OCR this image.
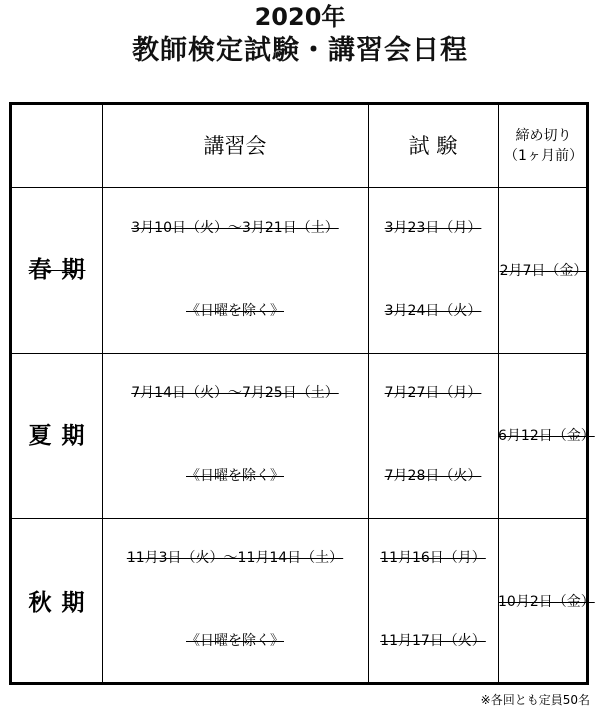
2020年
教師検定試験・講習会日程
講習会	試 験	締め切り
（1ヶ月前）
春 期
3月10日（火）〜3月21日（土）
《日曜を除く》
3月23日（月）
3月24日（火）
2月7日（金）
夏 期
7月14日（火）〜7月25日（土）
《日曜を除く》
7月27日（月）
7月28日（火）
6月12日（金）
秋 期
11月3日（火）〜11月14日（土）
《日曜を除く》
11月16日（月）
11月17日（火）
10月2日（金）
※各回とも定員50名
